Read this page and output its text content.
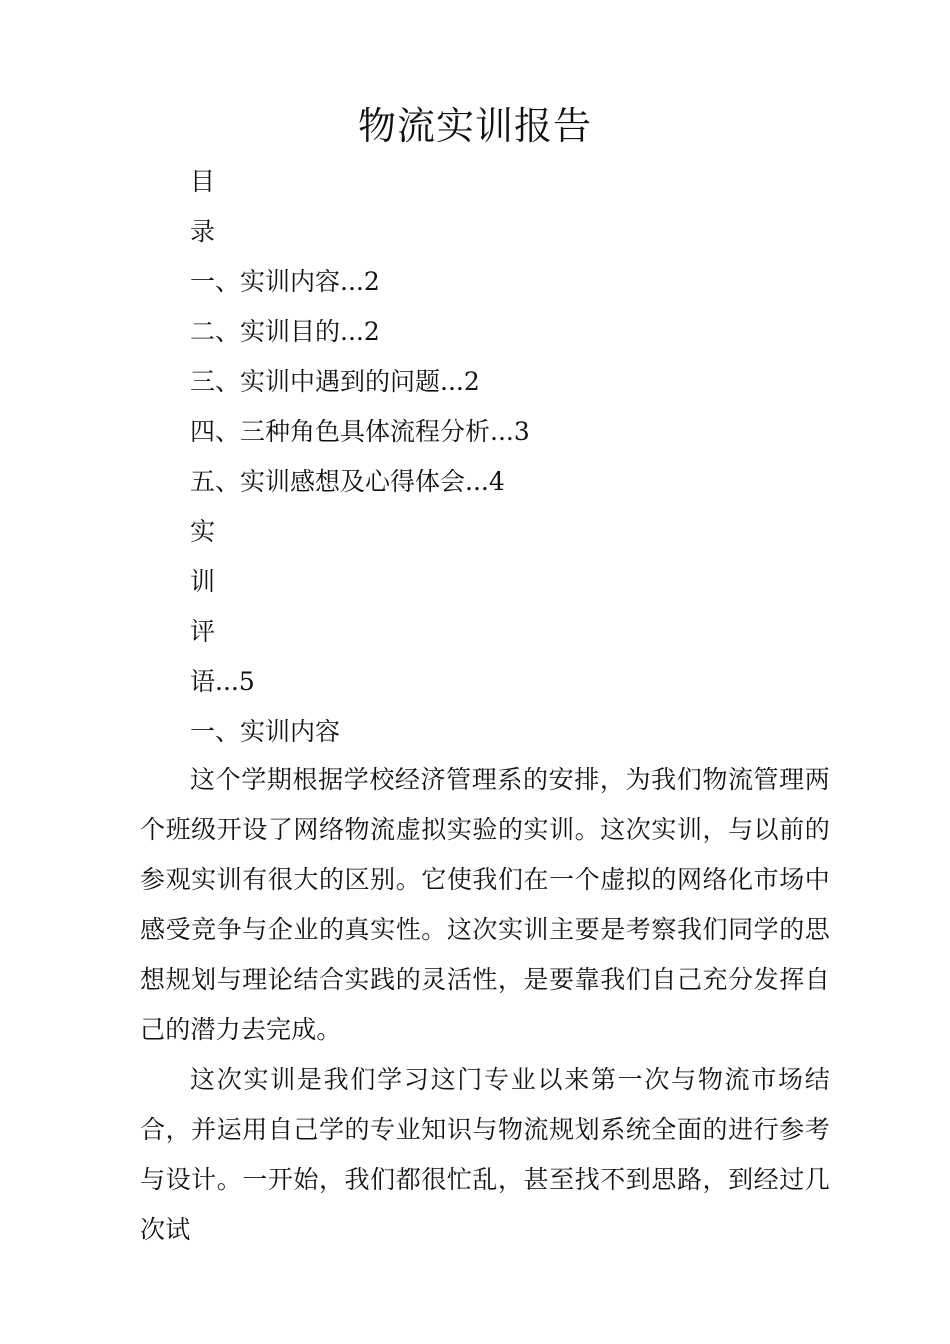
物流实训报告
目
录
一、实训内容...2
二、实训目的...2
三、实训中遇到的问题...2
四、三种角色具体流程分析...3
五、实训感想及心得体会...4
实
训
评
语...5
一、实训内容
这个学期根据学校经济管理系的安排，为我们物流管理两个班级开设了网络物流虚拟实验的实训。这次实训，与以前的参观实训有很大的区别。它使我们在一个虚拟的网络化市场中感受竞争与企业的真实性。这次实训主要是考察我们同学的思想规划与理论结合实践的灵活性，是要靠我们自己充分发挥自己的潜力去完成。
这次实训是我们学习这门专业以来第一次与物流市场结合，并运用自己学的专业知识与物流规划系统全面的进行参考与设计。一开始，我们都很忙乱，甚至找不到思路，到经过几次试
